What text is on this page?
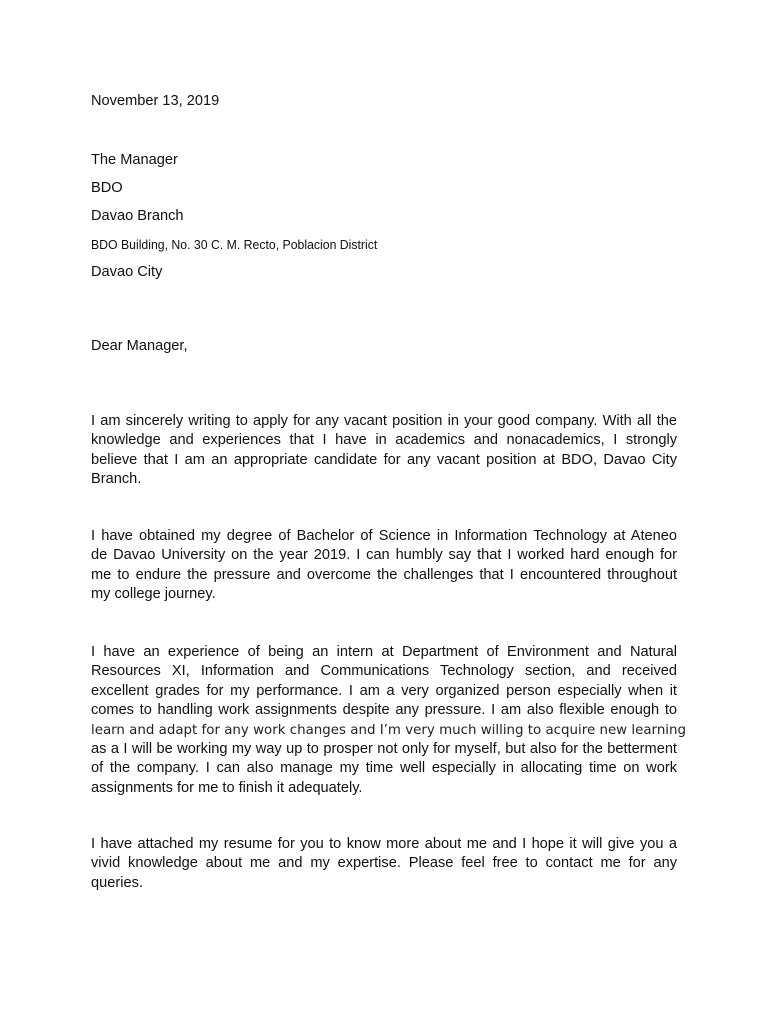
November 13, 2019

The Manager

BDO

Davao Branch

BDO Building, No. 30 C. M. Recto, Poblacion District

Davao City

Dear Manager,

I am sincerely writing to apply for any vacant position in your good company. With all the
knowledge and experiences that I have in academics and nonacademics, I strongly
believe that I am an appropriate candidate for any vacant position at BDO, Davao City
Branch.
I have obtained my degree of Bachelor of Science in Information Technology at Ateneo
de Davao University on the year 2019. I can humbly say that I worked hard enough for
me to endure the pressure and overcome the challenges that I encountered throughout
my college journey.
I have an experience of being an intern at Department of Environment and Natural
Resources XI, Information and Communications Technology section, and received
excellent grades for my performance. I am a very organized person especially when it
comes to handling work assignments despite any pressure. I am also flexible enough to
learn and adapt for any work changes and I’m very much willing to acquire new learning
as a I will be working my way up to prosper not only for myself, but also for the betterment
of the company. I can also manage my time well especially in allocating time on work
assignments for me to finish it adequately.
I have attached my resume for you to know more about me and I hope it will give you a
vivid knowledge about me and my expertise. Please feel free to contact me for any
queries.
